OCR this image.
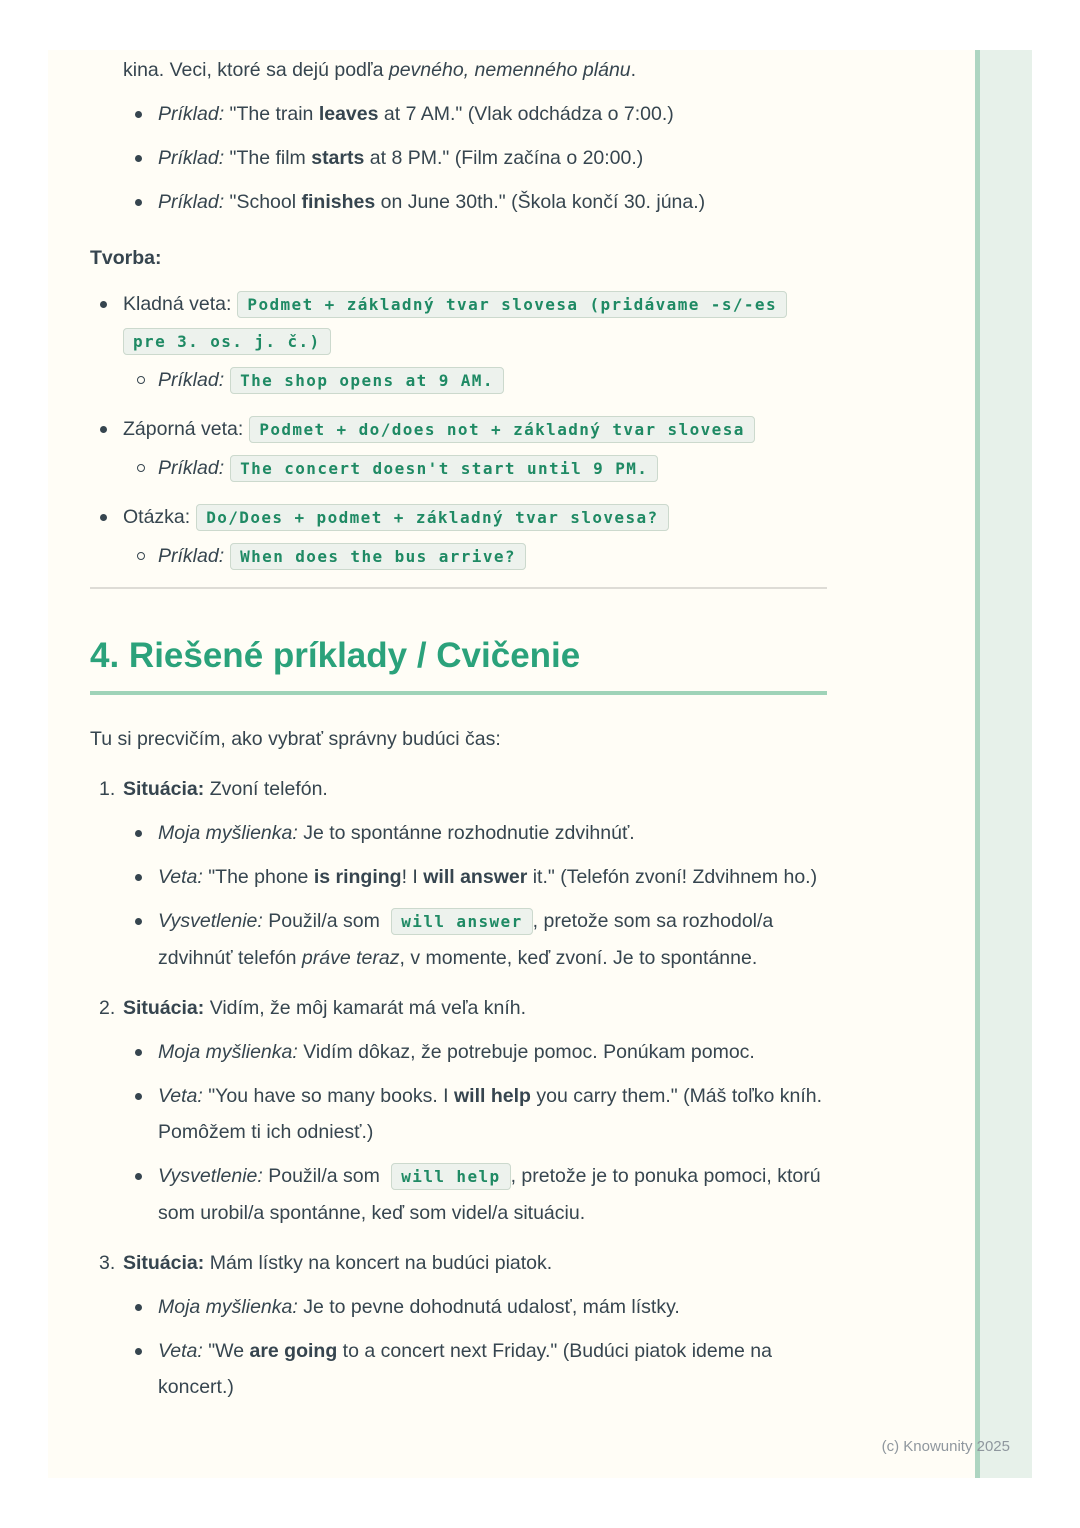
kina. Veci, ktoré sa dejú podľa pevného, nemenného plánu.

Príklad: "The train leaves at 7 AM." (Vlak odchádza o 7:00.)
Príklad: "The film starts at 8 PM." (Film začína o 20:00.)
Príklad: "School finishes on June 30th." (Škola končí 30. júna.)

Tvorba:

Kladná veta: Podmet + základný tvar slovesa (pridávame -s/-es
pre 3. os. j. č.)
Príklad: The shop opens at 9 AM.
Záporná veta: Podmet + do/does not + základný tvar slovesa
Príklad: The concert doesn't start until 9 PM.
Otázka: Do/Does + podmet + základný tvar slovesa?
Príklad: When does the bus arrive?
4. Riešené príklady / Cvičenie

Tu si precvičím, ako vybrať správny budúci čas:

1. Situácia: Zvoní telefón.
Moja myšlienka: Je to spontánne rozhodnutie zdvihnúť.
Veta: "The phone is ringing! I will answer it." (Telefón zvoní! Zdvihnem ho.)
Vysvetlenie: Použil/a som will answer , pretože som sa rozhodol/a zdvihnúť telefón práve teraz, v momente, keď zvoní. Je to spontánne.
2. Situácia: Vidím, že môj kamarát má veľa kníh.
Moja myšlienka: Vidím dôkaz, že potrebuje pomoc. Ponúkam pomoc.
Veta: "You have so many books. I will help you carry them." (Máš toľko kníh. Pomôžem ti ich odniesť.)
Vysvetlenie: Použil/a som will help , pretože je to ponuka pomoci, ktorú som urobil/a spontánne, keď som videl/a situáciu.
3. Situácia: Mám lístky na koncert na budúci piatok.
Moja myšlienka: Je to pevne dohodnutá udalosť, mám lístky.
Veta: "We are going to a concert next Friday." (Budúci piatok ideme na koncert.)
(c) Knowunity 2025
